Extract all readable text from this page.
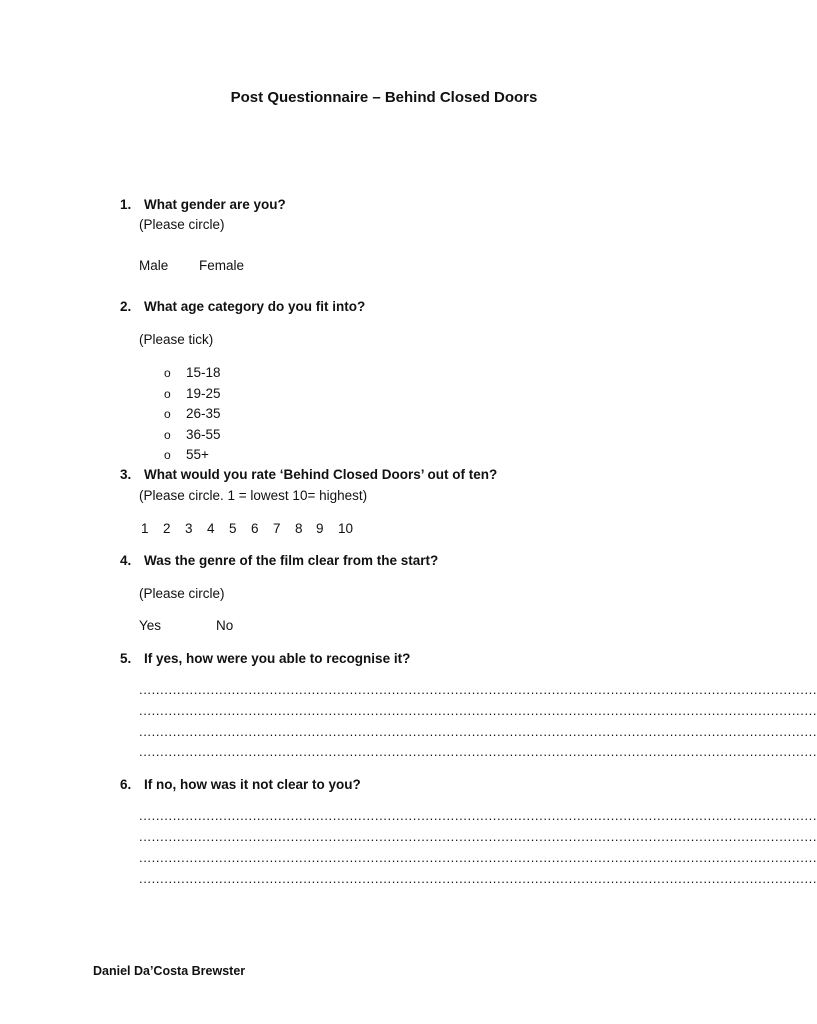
Post Questionnaire – Behind Closed Doors
1. What gender are you?
(Please circle)
Male Female
2. What age category do you fit into?
(Please tick)
o 15-18
o 19-25
o 26-35
o 36-55
o 55+
3. What would you rate ‘Behind Closed Doors’ out of ten?
(Please circle. 1 = lowest 10= highest)
1 2 3 4 5 6 7 8 9 10
4. Was the genre of the film clear from the start?
(Please circle)
Yes	No
5. If yes, how were you able to recognise it?
.................................................................................................................................................................
.................................................................................................................................................................
.................................................................................................................................................................
.................................................................................................................................................................
6. If no, how was it not clear to you?
.................................................................................................................................................................
.................................................................................................................................................................
.................................................................................................................................................................
.................................................................................................................................................................
Daniel Da’Costa Brewster
